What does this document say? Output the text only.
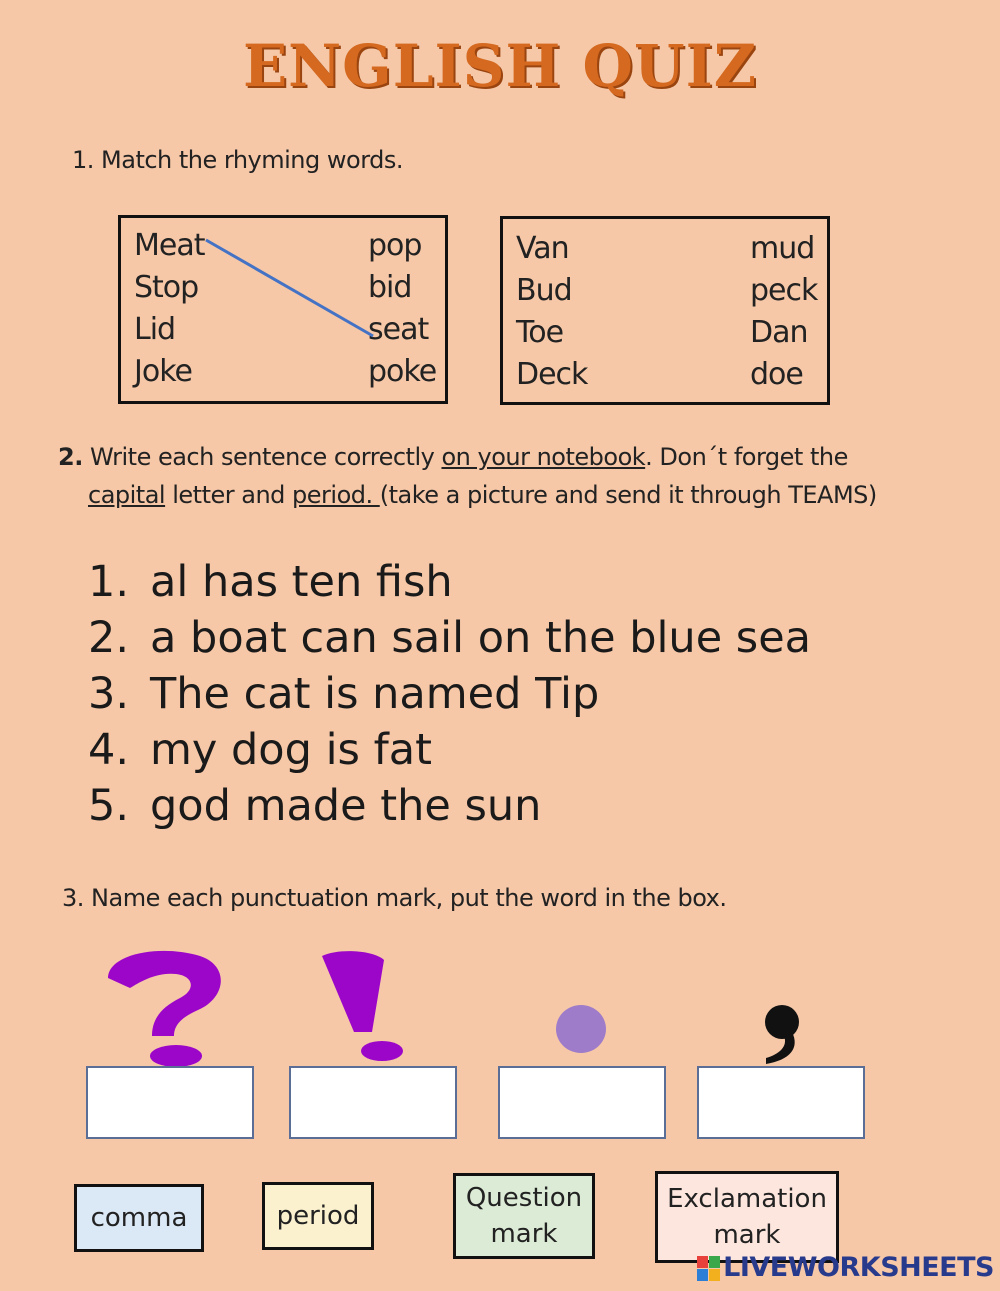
ENGLISH QUIZ
1. Match the rhyming words.
Meat
Stop
Lid
Joke
pop
bid
seat
poke
Van
Bud
Toe
Deck
mud
peck
Dan
doe
2. Write each sentence correctly on your notebook. Don´t forget the
capital letter and period. (take a picture and send it through TEAMS)
1. al has ten fish
2. a boat can sail on the blue sea
3. The cat is named Tip
4. my dog is fat
5. god made the sun
3. Name each punctuation mark, put the word in the box.
comma	period
Question
mark
Exclamation
mark
LIVEWORKSHEETS
